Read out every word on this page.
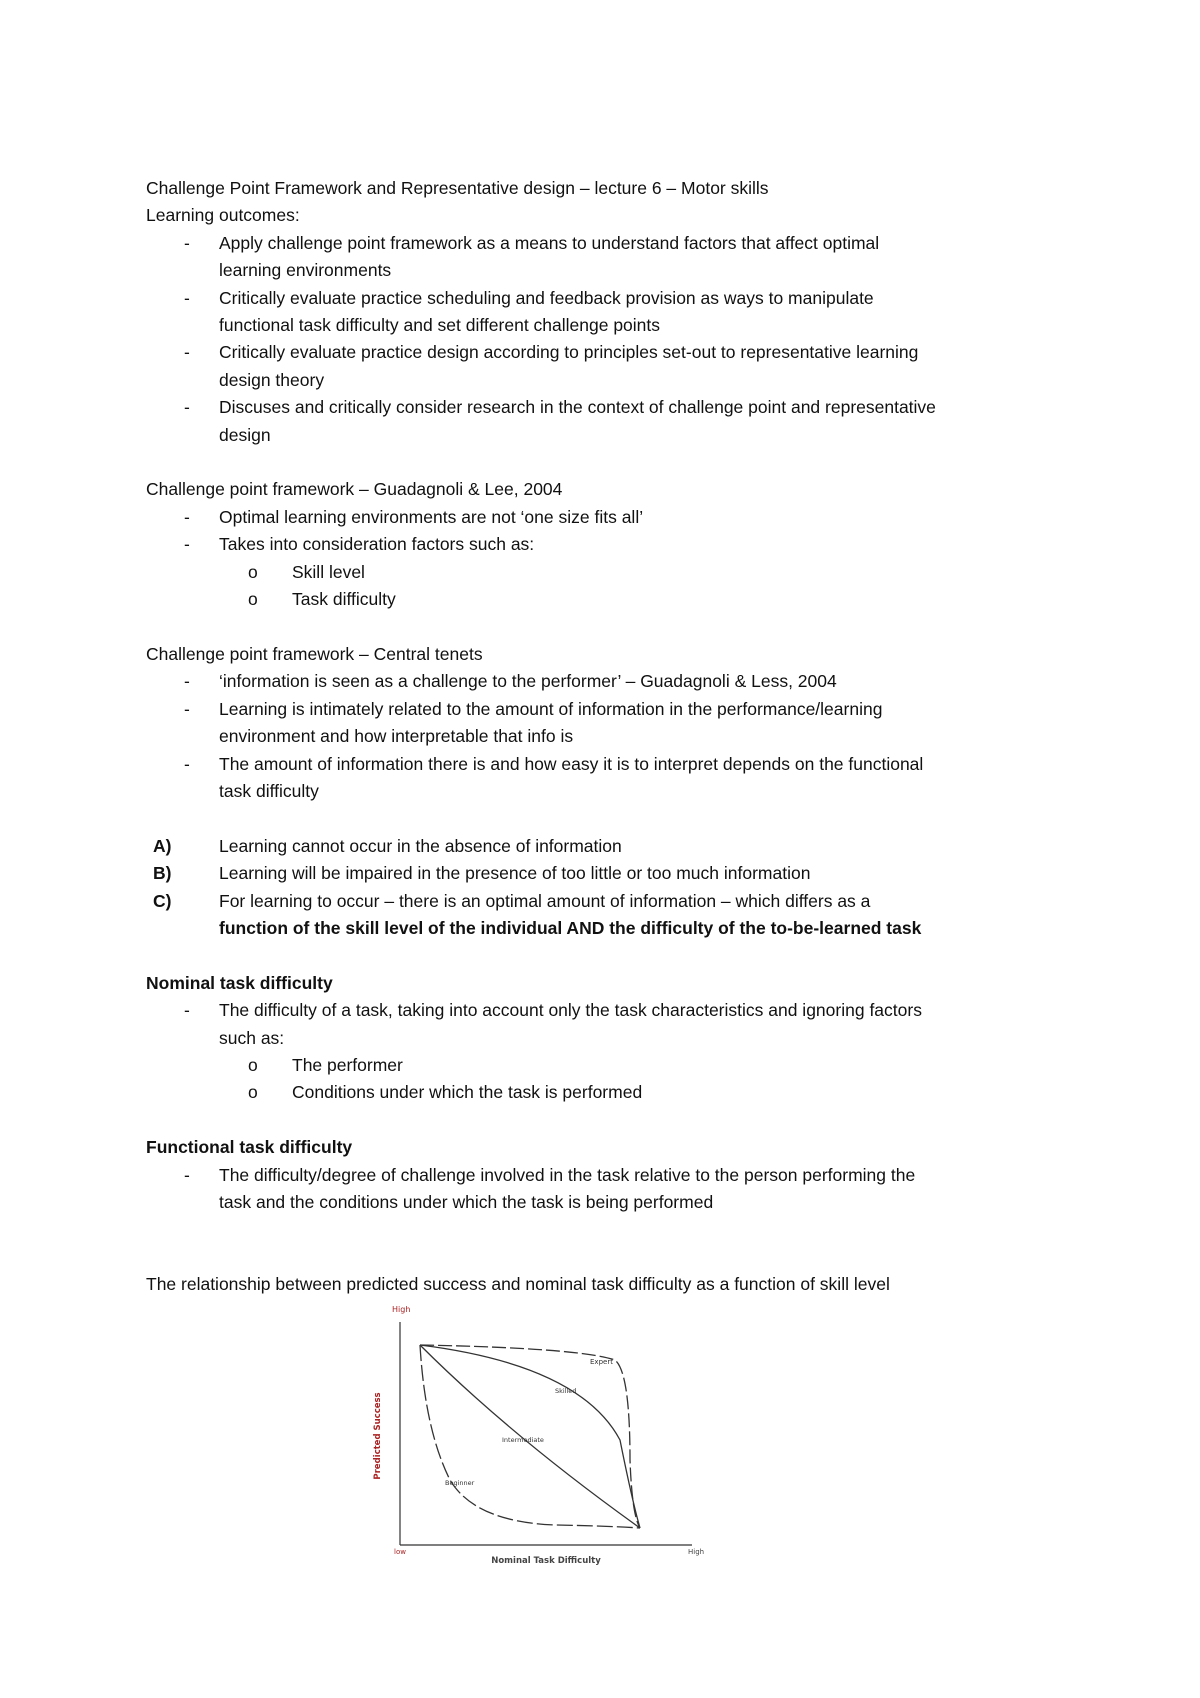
Challenge Point Framework and Representative design – lecture 6 – Motor skills
Learning outcomes:
- Apply challenge point framework as a means to understand factors that affect optimal
learning environments
- Critically evaluate practice scheduling and feedback provision as ways to manipulate
functional task difficulty and set different challenge points
- Critically evaluate practice design according to principles set-out to representative learning
design theory
- Discuses and critically consider research in the context of challenge point and representative
design
Challenge point framework – Guadagnoli & Lee, 2004
- Optimal learning environments are not ‘one size fits all’
- Takes into consideration factors such as:
o Skill level
o Task difficulty
Challenge point framework – Central tenets
- ‘information is seen as a challenge to the performer’ – Guadagnoli & Less, 2004
- Learning is intimately related to the amount of information in the performance/learning
environment and how interpretable that info is
- The amount of information there is and how easy it is to interpret depends on the functional
task difficulty
A)	Learning cannot occur in the absence of information
B)	Learning will be impaired in the presence of too little or too much information
C)	For learning to occur – there is an optimal amount of information – which differs as a
function of the skill level of the individual AND the difficulty of the to-be-learned task
Nominal task difficulty
- The difficulty of a task, taking into account only the task characteristics and ignoring factors
such as:
o The performer
o Conditions under which the task is performed
Functional task difficulty
- The difficulty/degree of challenge involved in the task relative to the person performing the
task and the conditions under which the task is being performed
The relationship between predicted success and nominal task difficulty as a function of skill level
High
Predicted Success
Nominal Task Difficulty
low	High
Expert
Skilled
Intermediate
Beginner
